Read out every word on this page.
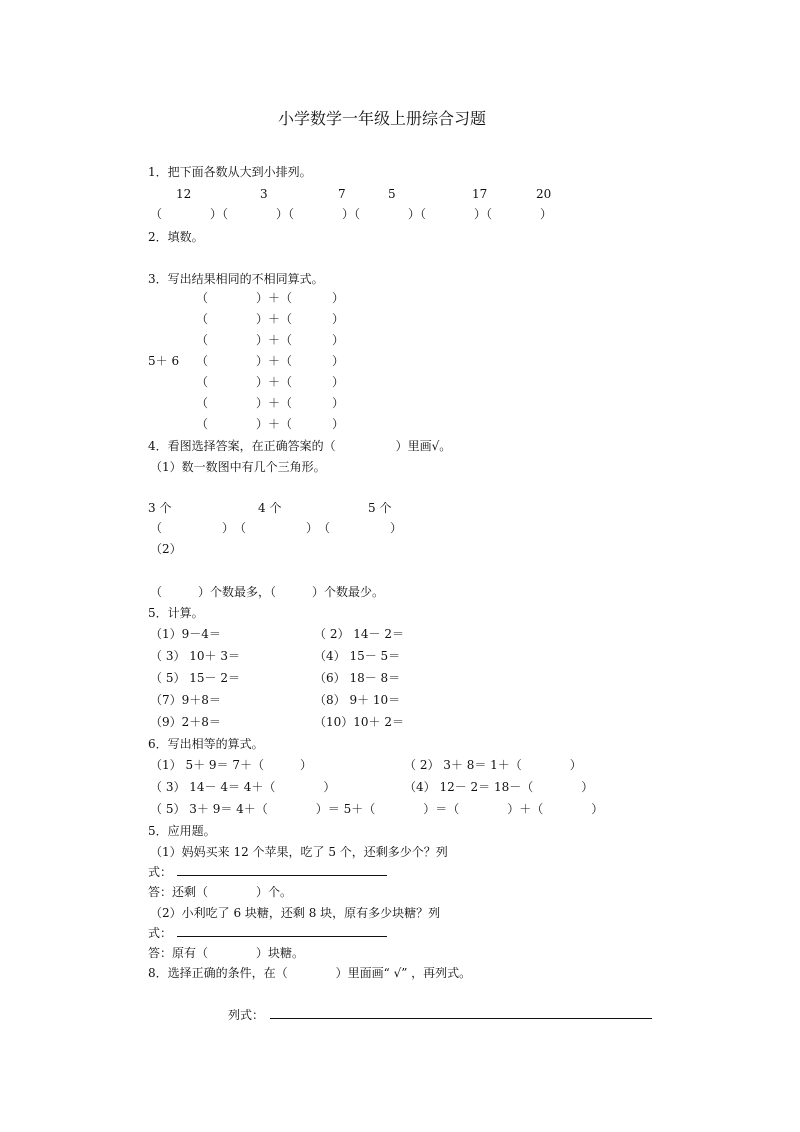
小学数学一年级上册综合习题
1．把下面各数从大到小排列。
12	3	7	5	17	20
（　　　　）（　　　　）（　　　　）（　　　　）（　　　　）（　　　　）
2．填数。
3．写出结果相同的不相同算式。
5＋ 6
（　　　　）＋（	）
（　　　　）＋（	）
（　　　　）＋（	）
（　　　　）＋（	）
（　　　　）＋（	）
（　　　　）＋（	）
（　　　　）＋（	）
4．看图选择答案，在正确答案的（　　　　　）里画√。
（1）数一数图中有几个三角形。
3 个	4 个	5 个
（　　　　　）　（　　　　　）　（　　　　　）
（2）
（　　　）个数最多，（　　　）个数最少。
5．计算。
（1）9－4＝	（ 2） 14－ 2＝
（ 3） 10＋ 3＝	（4） 15－ 5＝
（ 5） 15－ 2＝	（6） 18－ 8＝
（7）9＋8＝	（8） 9＋ 10＝
（9）2＋8＝	（10）10＋ 2＝
6．写出相等的算式。
（1） 5＋ 9＝ 7＋（　　　）	（ 2） 3＋ 8＝ 1＋（　　　　）
（ 3） 14－ 4＝ 4＋（　　　　）	（4） 12－ 2＝ 18－（　　　　）
（ 5） 3＋ 9＝ 4＋（　　　　）＝ 5＋（　　　　）＝（　　　　）＋（　　　　）
5．应用题。
（1）妈妈买来 12 个苹果，吃了 5 个，还剩多少个？列
式：
答：还剩（　　　　）个。
（2）小利吃了 6 块糖，还剩 8 块，原有多少块糖？列
式：
答：原有（　　　　）块糖。
8．选择正确的条件，在（　　　　）里面画“ √” ，再列式。
列式：
